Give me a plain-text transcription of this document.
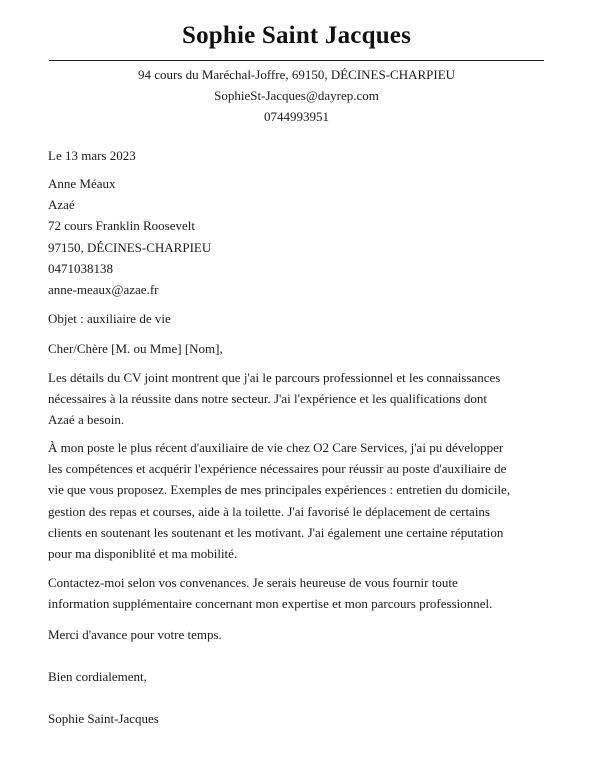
Sophie Saint Jacques
94 cours du Maréchal-Joffre, 69150, DÉCINES-CHARPIEU
SophieSt-Jacques@dayrep.com
0744993951
Le 13 mars 2023
Anne Méaux
Azaé
72 cours Franklin Roosevelt
97150, DÉCINES-CHARPIEU
0471038138
anne-meaux@azae.fr
Objet : auxiliaire de vie
Cher/Chère [M. ou Mme] [Nom],
Les détails du CV joint montrent que j'ai le parcours professionnel et les connaissances
nécessaires à la réussite dans notre secteur. J'ai l'expérience et les qualifications dont
Azaé a besoin.
À mon poste le plus récent d'auxiliaire de vie chez O2 Care Services, j'ai pu développer
les compétences et acquérir l'expérience nécessaires pour réussir au poste d'auxiliaire de
vie que vous proposez. Exemples de mes principales expériences : entretien du domicile,
gestion des repas et courses, aide à la toilette. J'ai favorisé le déplacement de certains
clients en soutenant les soutenant et les motivant. J'ai également une certaine réputation
pour ma disponiblité et ma mobilité.
Contactez-moi selon vos convenances. Je serais heureuse de vous fournir toute
information supplémentaire concernant mon expertise et mon parcours professionnel.
Merci d'avance pour votre temps.
Bien cordialement,
Sophie Saint-Jacques
